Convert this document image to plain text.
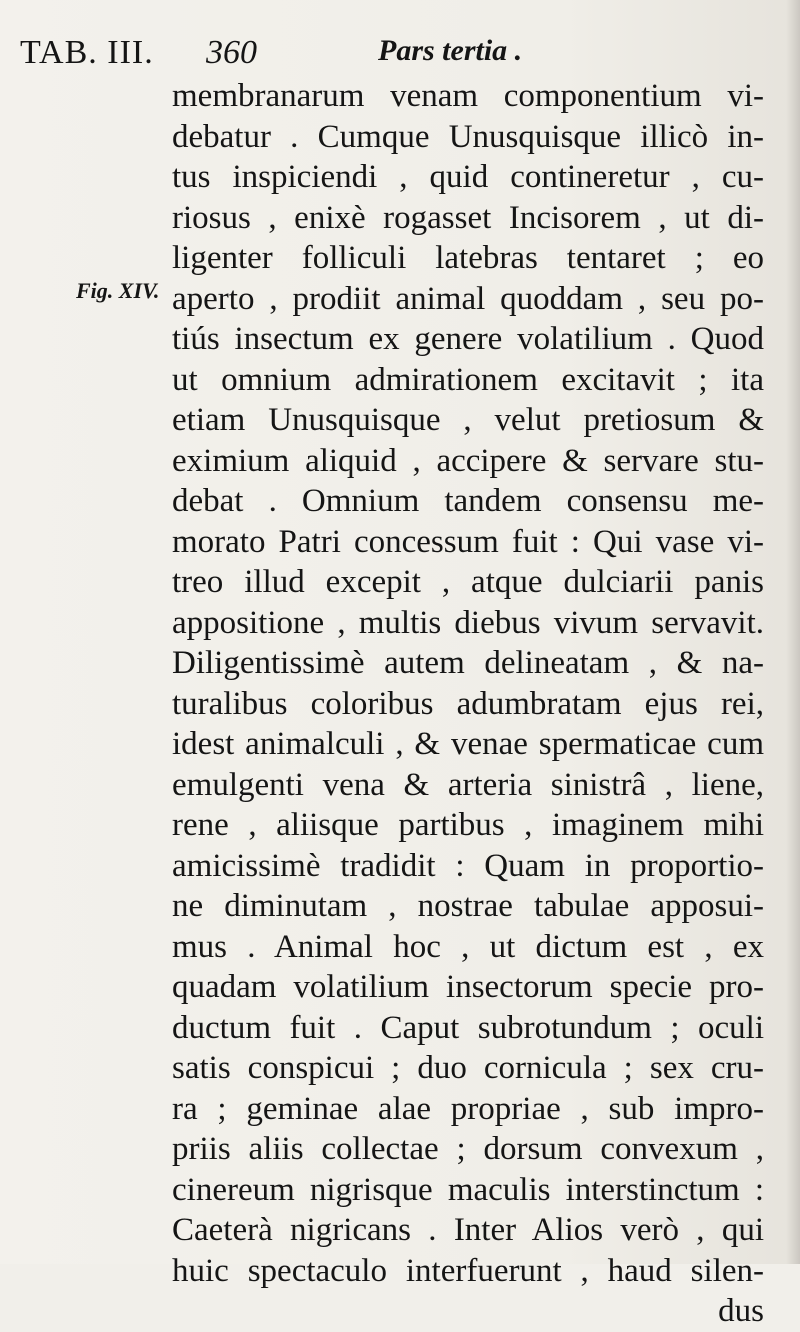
TAB. III. 360	Pars tertia .
Fig. XIV.
membranarum venam componentium vi-
debatur . Cumque Unusquisque illicò in-
tus inspiciendi , quid contineretur , cu-
riosus , enixè rogasset Incisorem , ut di-
ligenter folliculi latebras tentaret ; eo
aperto , prodiit animal quoddam , seu po-
tiús insectum ex genere volatilium . Quod
ut omnium admirationem excitavit ; ita
etiam Unusquisque , velut pretiosum &
eximium aliquid , accipere & servare stu-
debat . Omnium tandem consensu me-
morato Patri concessum fuit : Qui vase vi-
treo illud excepit , atque dulciarii panis
appositione , multis diebus vivum servavit.
Diligentissimè autem delineatam , & na-
turalibus coloribus adumbratam ejus rei,
idest animalculi , & venae spermaticae cum
emulgenti vena & arteria sinistrâ , liene,
rene , aliisque partibus , imaginem mihi
amicissimè tradidit : Quam in proportio-
ne diminutam , nostrae tabulae apposui-
mus . Animal hoc , ut dictum est , ex
quadam volatilium insectorum specie pro-
ductum fuit . Caput subrotundum ; oculi
satis conspicui ; duo cornicula ; sex cru-
ra ; geminae alae propriae , sub impro-
priis aliis collectae ; dorsum convexum ,
cinereum nigrisque maculis interstinctum :
Caeterà nigricans . Inter Alios verò , qui
huic spectaculo interfuerunt , haud silen-
dus
